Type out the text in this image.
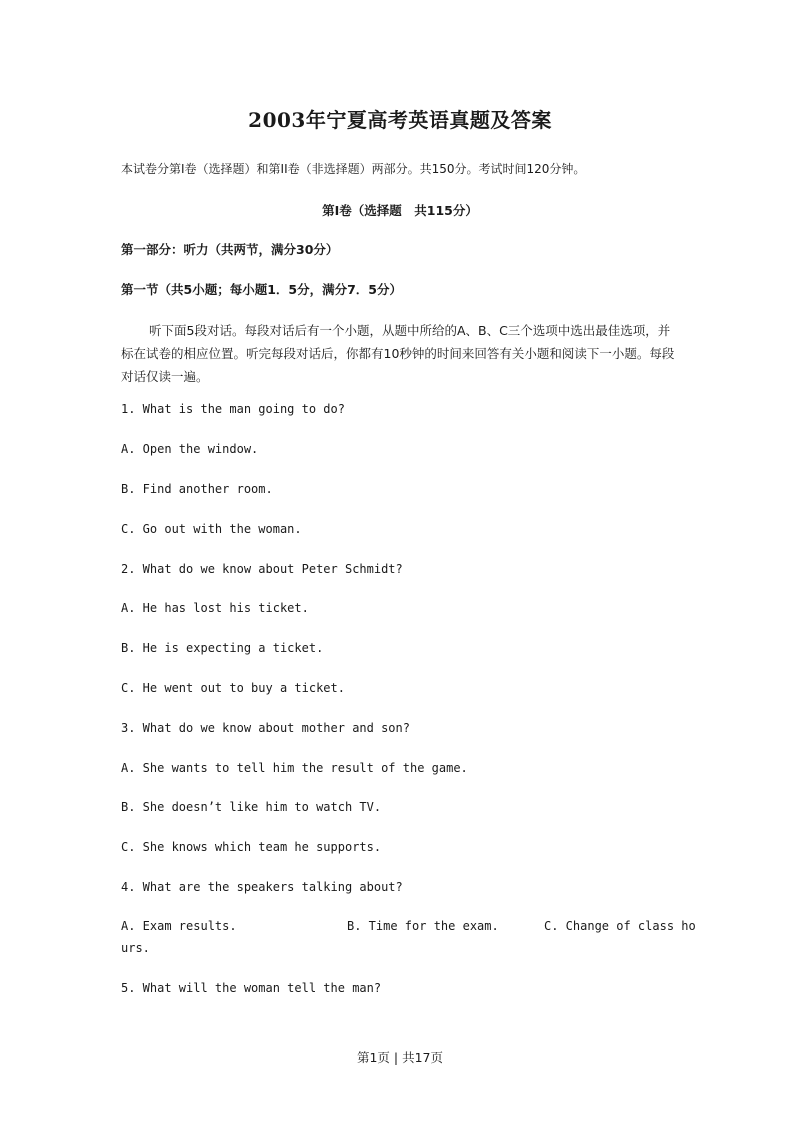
2003年宁夏高考英语真题及答案
本试卷分第Ⅰ卷（选择题）和第II卷（非选择题）两部分。共150分。考试时间120分钟。
第Ⅰ卷（选择题　共115分）
第一部分：听力（共两节，满分30分）
第一节（共5小题；每小题1．5分，满分7．5分）
听下面5段对话。每段对话后有一个小题，从题中所给的A、B、C三个选项中选出最佳选项，并标在试卷的相应位置。听完每段对话后，你都有10秒钟的时间来回答有关小题和阅读下一小题。每段对话仅读一遍。
1. What is the man going to do?
A. Open the window.
B. Find another room.
C. Go out with the woman.
2. What do we know about Peter Schmidt?
A. He has lost his ticket.
B. He is expecting a ticket.
C. He went out to buy a ticket.
3. What do we know about mother and son?
A. She wants to tell him the result of the game.
B. She doesn’t like him to watch TV.
C. She knows which team he supports.
4. What are the speakers talking about?
A. Exam results.	B. Time for the exam.	C. Change of class ho
urs.
5. What will the woman tell the man?
第1页 | 共17页
